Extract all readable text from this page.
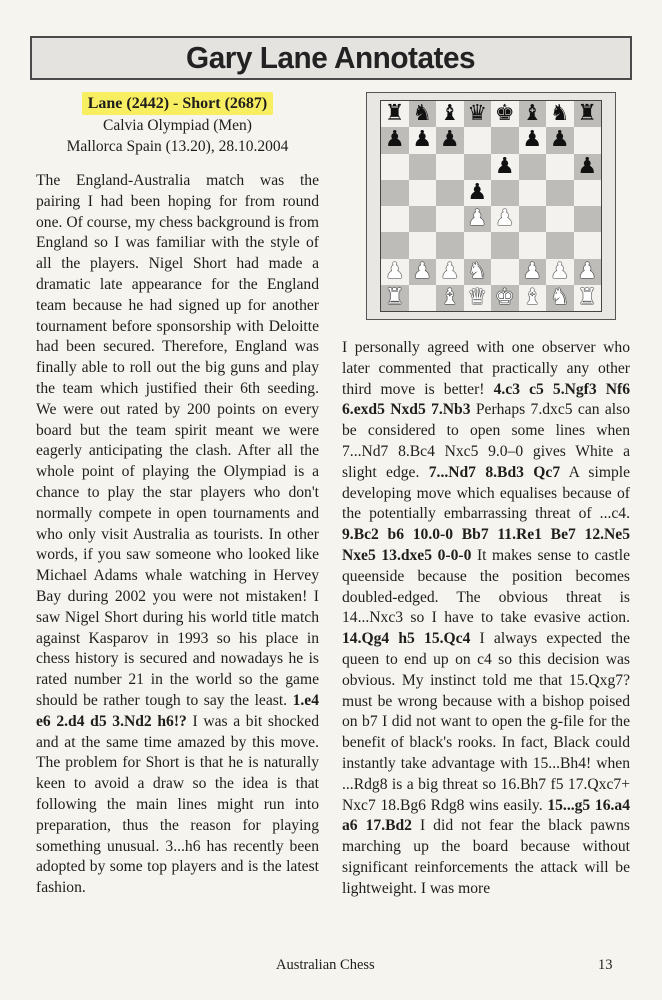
Gary Lane Annotates
Lane (2442) - Short (2687)
Calvia Olympiad (Men)
Mallorca Spain (13.20), 28.10.2004

The England-Australia match was the pairing I had been hoping for from round one. Of course, my chess background is from England so I was familiar with the style of all the players. Nigel Short had made a dramatic late appearance for the England team because he had signed up for another tournament before sponsorship with Deloitte had been secured. Therefore, England was finally able to roll out the big guns and play the team which justified their 6th seeding. We were out rated by 200 points on every board but the team spirit meant we were eagerly anticipating the clash. After all the whole point of playing the Olympiad is a chance to play the star players who don't normally compete in open tournaments and who only visit Australia as tourists. In other words, if you saw someone who looked like Michael Adams whale watching in Hervey Bay during 2002 you were not mistaken! I saw Nigel Short during his world title match against Kasparov in 1993 so his place in chess history is secured and nowadays he is rated number 21 in the world so the game should be rather tough to say the least. 1.e4 e6 2.d4 d5 3.Nd2 h6!? I was a bit shocked and at the same time amazed by this move. The problem for Short is that he is naturally keen to avoid a draw so the idea is that following the main lines might run into preparation, thus the reason for playing something unusual. 3...h6 has recently been adopted by some top players and is the latest fashion.

♜ ♞ ♝ ♛ ♚ ♝ ♞ ♜
♟ ♟ ♟	♟ ♟
♟	♟
♟
♟ ♟
♟ ♟ ♟ ♞ ♟ ♟ ♟
♜ ♝ ♛ ♚ ♝ ♞ ♜

I personally agreed with one observer who later commented that practically any other third move is better! 4.c3 c5 5.Ngf3 Nf6 6.exd5 Nxd5 7.Nb3 Perhaps 7.dxc5 can also be considered to open some lines when 7...Nd7 8.Bc4 Nxc5 9.0–0 gives White a slight edge. 7...Nd7 8.Bd3 Qc7 A simple developing move which equalises because of the potentially embarrassing threat of ...c4. 9.Bc2 b6 10.0-0 Bb7 11.Re1 Be7 12.Ne5 Nxe5 13.dxe5 0-0-0 It makes sense to castle queenside because the position becomes doubled-edged. The obvious threat is 14...Nxc3 so I have to take evasive action. 14.Qg4 h5 15.Qc4 I always expected the queen to end up on c4 so this decision was obvious. My instinct told me that 15.Qxg7? must be wrong because with a bishop poised on b7 I did not want to open the g-file for the benefit of black's rooks. In fact, Black could instantly take advantage with 15...Bh4! when ...Rdg8 is a big threat so 16.Bh7 f5 17.Qxc7+ Nxc7 18.Bg6 Rdg8 wins easily. 15...g5 16.a4 a6 17.Bd2 I did not fear the black pawns marching up the board because without significant reinforcements the attack will be lightweight. I was more

Australian Chess	13
